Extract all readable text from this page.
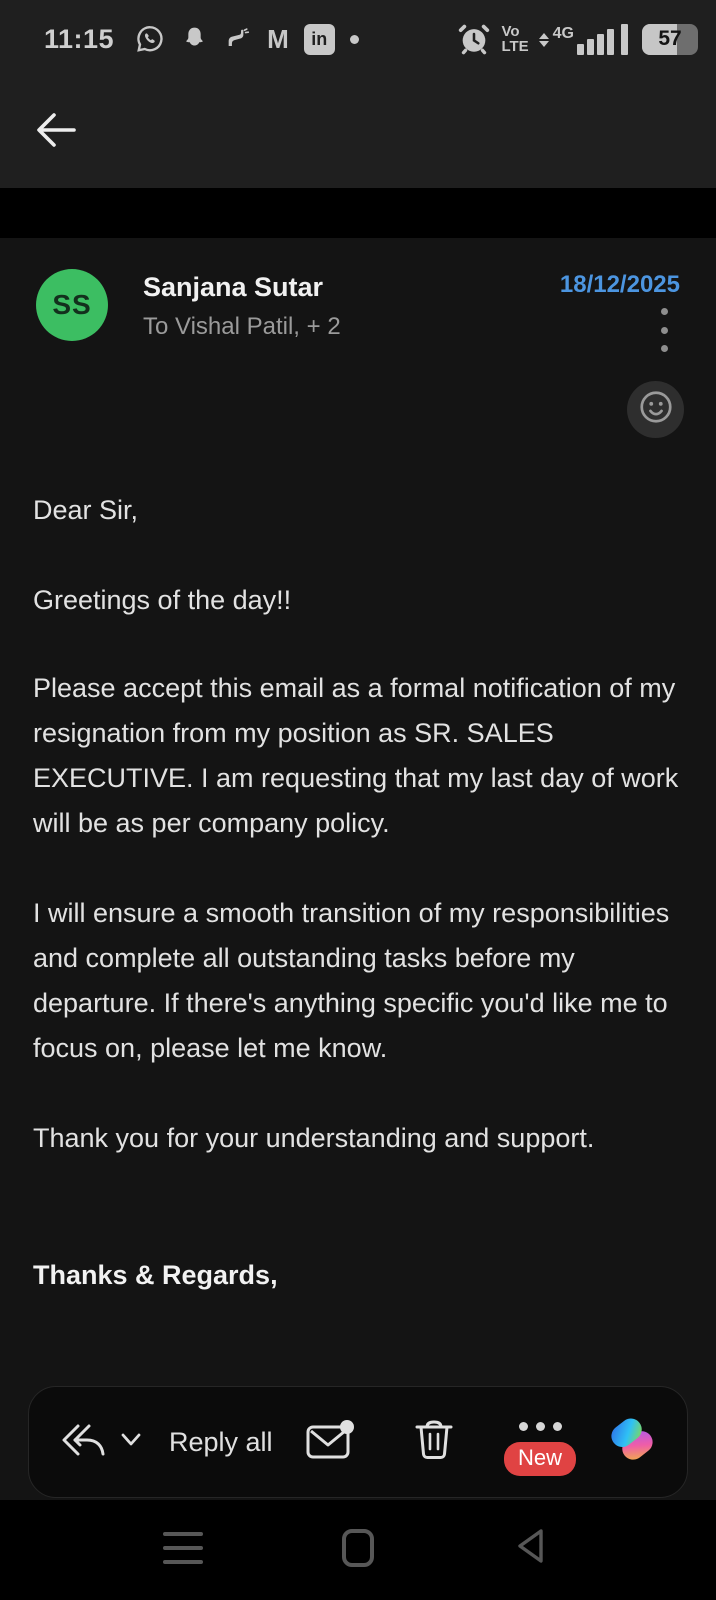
11:15	M	in	Vo
LTE
4G	57
SS
Sanjana Sutar
To Vishal Patil, + 2
18/12/2025

Dear Sir,

Greetings of the day!!

Please accept this email as a formal notification of my resignation from my position as SR. SALES EXECUTIVE. I am requesting that my last day of work will be as per company policy.

I will ensure a smooth transition of my responsibilities and complete all outstanding tasks before my departure. If there's anything specific you'd like me to focus on, please let me know.

Thank you for your understanding and support.

Thanks & Regards,

Reply all
New
